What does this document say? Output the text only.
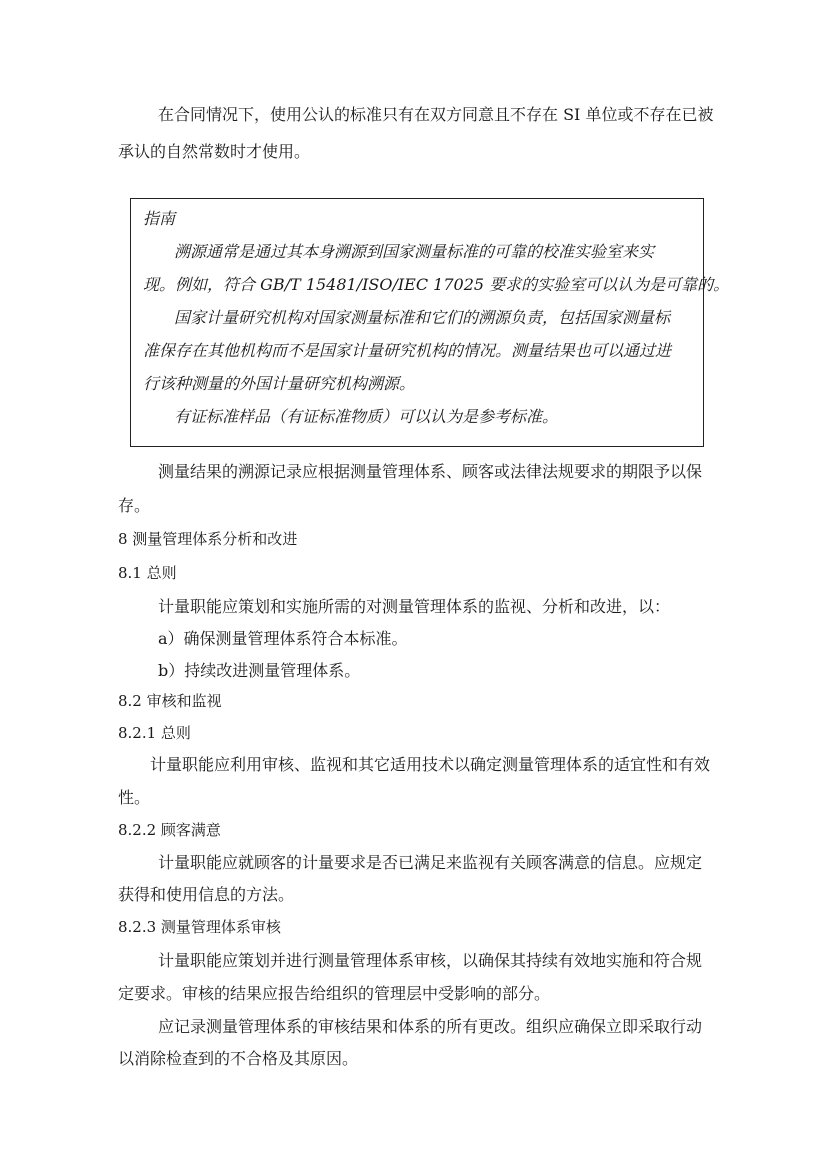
在合同情况下，使用公认的标准只有在双方同意且不存在 SI 单位或不存在已被
承认的自然常数时才使用。
指南
溯源通常是通过其本身溯源到国家测量标准的可靠的校准实验室来实
现。例如，符合 GB/T 15481/ISO/IEC 17025 要求的实验室可以认为是可靠的。
国家计量研究机构对国家测量标准和它们的溯源负责，包括国家测量标
准保存在其他机构而不是国家计量研究机构的情况。测量结果也可以通过进
行该种测量的外国计量研究机构溯源。
有证标准样品（有证标准物质）可以认为是参考标准。
测量结果的溯源记录应根据测量管理体系、顾客或法律法规要求的期限予以保
存。
8 测量管理体系分析和改进
8.1 总则
计量职能应策划和实施所需的对测量管理体系的监视、分析和改进，以：
a）确保测量管理体系符合本标准。
b）持续改进测量管理体系。
8.2 审核和监视
8.2.1 总则
计量职能应利用审核、监视和其它适用技术以确定测量管理体系的适宜性和有效
性。
8.2.2 顾客满意
计量职能应就顾客的计量要求是否已满足来监视有关顾客满意的信息。应规定
获得和使用信息的方法。
8.2.3 测量管理体系审核
计量职能应策划并进行测量管理体系审核，以确保其持续有效地实施和符合规
定要求。审核的结果应报告给组织的管理层中受影响的部分。
应记录测量管理体系的审核结果和体系的所有更改。组织应确保立即采取行动
以消除检查到的不合格及其原因。
